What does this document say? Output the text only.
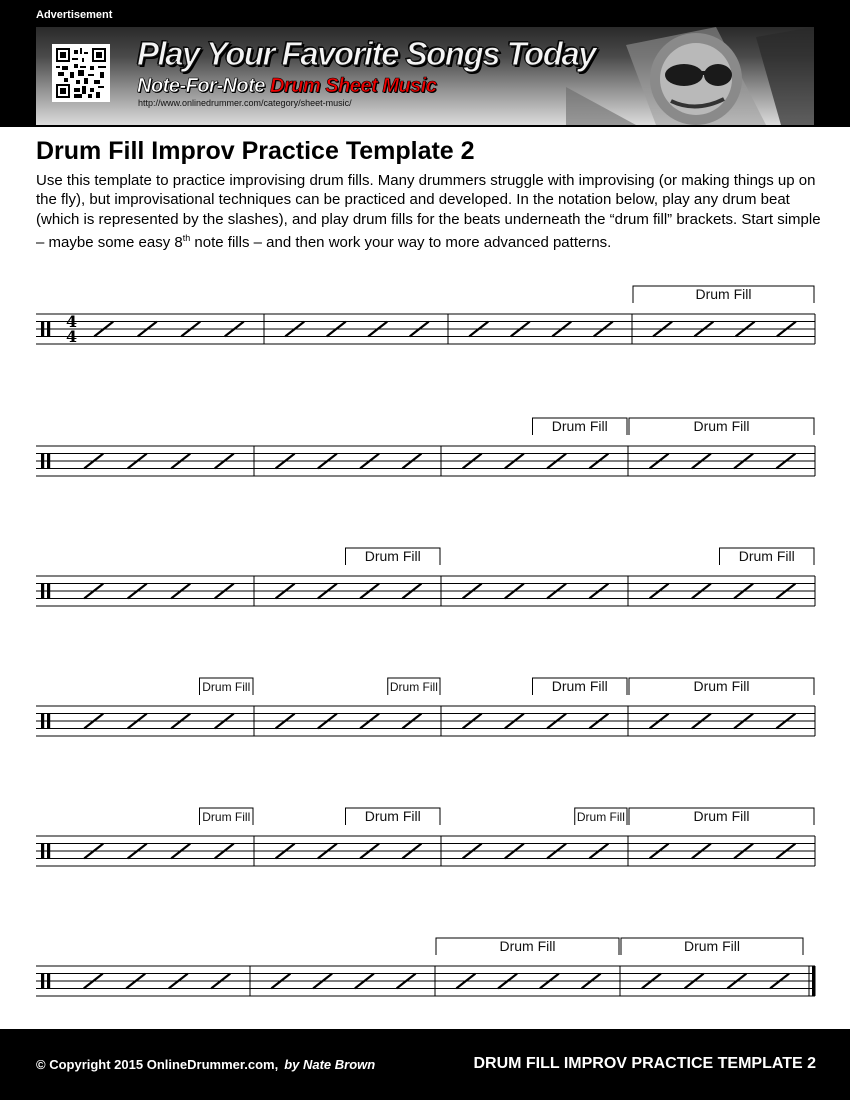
Advertisement
Play Your Favorite Songs Today
Note-For-Note Drum Sheet Music
http://www.onlinedrummer.com/category/sheet-music/
Drum Fill Improv Practice Template 2

Use this template to practice improvising drum fills. Many drummers struggle with improvising (or making things up on the fly), but improvisational techniques can be practiced and developed. In the notation below, play any drum beat (which is represented by the slashes), and play drum fills for the beats underneath the “drum fill” brackets. Start simple – maybe some easy 8th note fills – and then work your way to more advanced patterns.

4
4
Drum Fill
Drum Fill	Drum Fill
Drum Fill	Drum Fill
Drum Fill	Drum Fill	Drum Fill	Drum Fill
Drum Fill	Drum Fill	Drum Fill	Drum Fill
Drum Fill	Drum Fill
© Copyright 2015 OnlineDrummer.com, by Nate Brown	DRUM FILL IMPROV PRACTICE TEMPLATE 2
